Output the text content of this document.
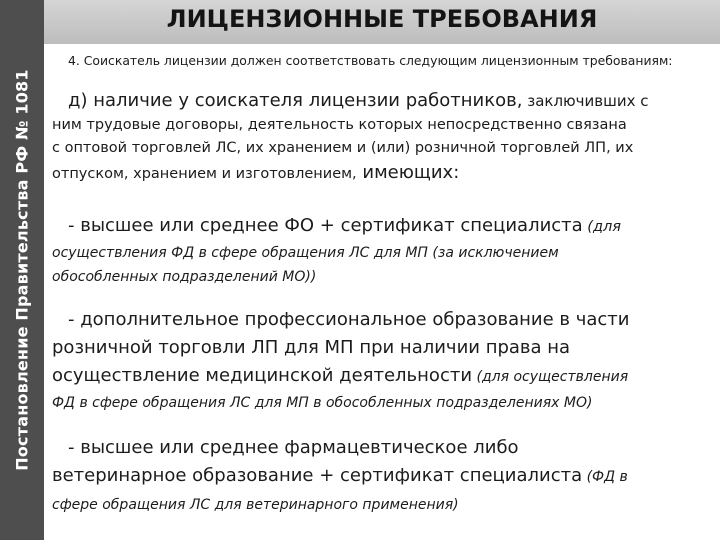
Постановление Правительства РФ № 1081
ЛИЦЕНЗИОННЫЕ ТРЕБОВАНИЯ
4. Соискатель лицензии должен соответствовать следующим лицензионным требованиям:
д) наличие у соискателя лицензии работников, заключивших с
ним трудовые договоры, деятельность которых непосредственно связана
с оптовой торговлей ЛС, их хранением и (или) розничной торговлей ЛП, их
отпуском, хранением и изготовлением, имеющих:
- высшее или среднее ФО + сертификат специалиста (для
осуществления ФД в сфере обращения ЛС для МП (за исключением
обособленных подразделений МО))
- дополнительное профессиональное образование в части
розничной торговли ЛП для МП при наличии права на
осуществление медицинской деятельности (для осуществления
ФД в сфере обращения ЛС для МП в обособленных подразделениях МО)
- высшее или среднее фармацевтическое либо
ветеринарное образование + сертификат специалиста (ФД в
сфере обращения ЛС для ветеринарного применения)
